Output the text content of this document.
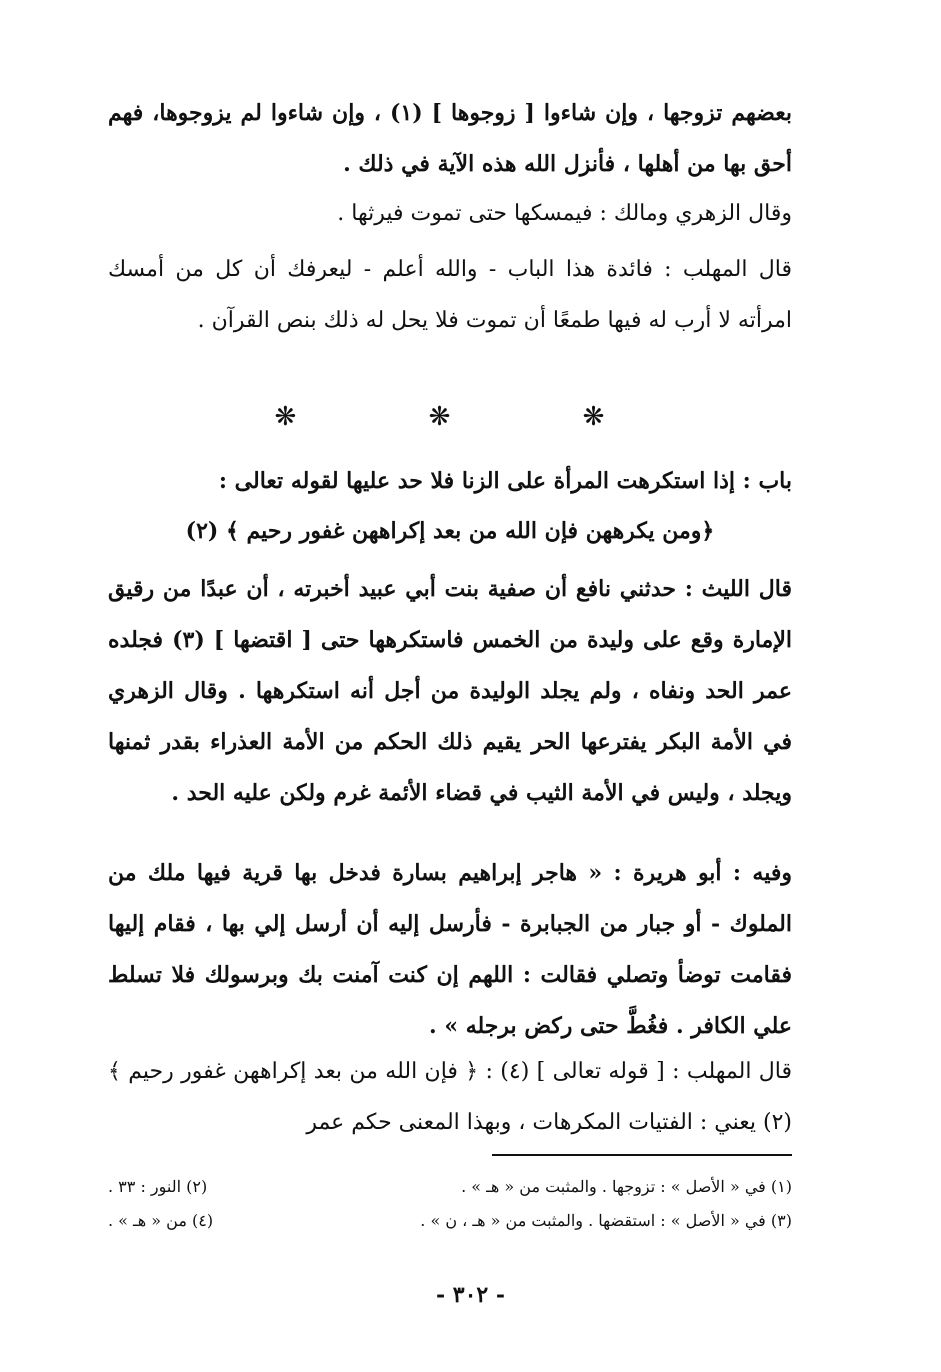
بعضهم تزوجها ، وإن شاءوا [ زوجوها ] (١) ، وإن شاءوا لم يزوجوها، فهم أحق بها من أهلها ، فأنزل الله هذه الآية في ذلك .

وقال الزهري ومالك : فيمسكها حتى تموت فيرثها .

قال المهلب : فائدة هذا الباب - والله أعلم - ليعرفك أن كل من أمسك امرأته لا أرب له فيها طمعًا أن تموت فلا يحل له ذلك بنص القرآن .

❋ ❋ ❋

باب : إذا استكرهت المرأة على الزنا فلا حد عليها لقوله تعالى :

﴿ومن يكرههن فإن الله من بعد إكراههن غفور رحيم ﴾ (٢)

قال الليث : حدثني نافع أن صفية بنت أبي عبيد أخبرته ، أن عبدًا من رقيق الإمارة وقع على وليدة من الخمس فاستكرهها حتى [ اقتضها ] (٣) فجلده عمر الحد ونفاه ، ولم يجلد الوليدة من أجل أنه استكرهها . وقال الزهري في الأمة البكر يفترعها الحر يقيم ذلك الحكم من الأمة العذراء بقدر ثمنها ويجلد ، وليس في الأمة الثيب في قضاء الأئمة غرم ولكن عليه الحد .

وفيه : أبو هريرة : « هاجر إبراهيم بسارة فدخل بها قرية فيها ملك من الملوك - أو جبار من الجبابرة - فأرسل إليه أن أرسل إلي بها ، فقام إليها فقامت توضأ وتصلي فقالت : اللهم إن كنت آمنت بك وبرسولك فلا تسلط علي الكافر . فغُطَّ حتى ركض برجله » .

قال المهلب : [ قوله تعالى ] (٤) : ﴿ فإن الله من بعد إكراههن غفور رحيم ﴾ (٢) يعني : الفتيات المكرهات ، وبهذا المعنى حكم عمر

(١) في « الأصل » : تزوجها . والمثبت من « هـ » .
(٢) النور : ٣٣ .
(٣) في « الأصل » : استقضها . والمثبت من « هـ ، ن » .
(٤) من « هـ » .
- ٣٠٢ -
